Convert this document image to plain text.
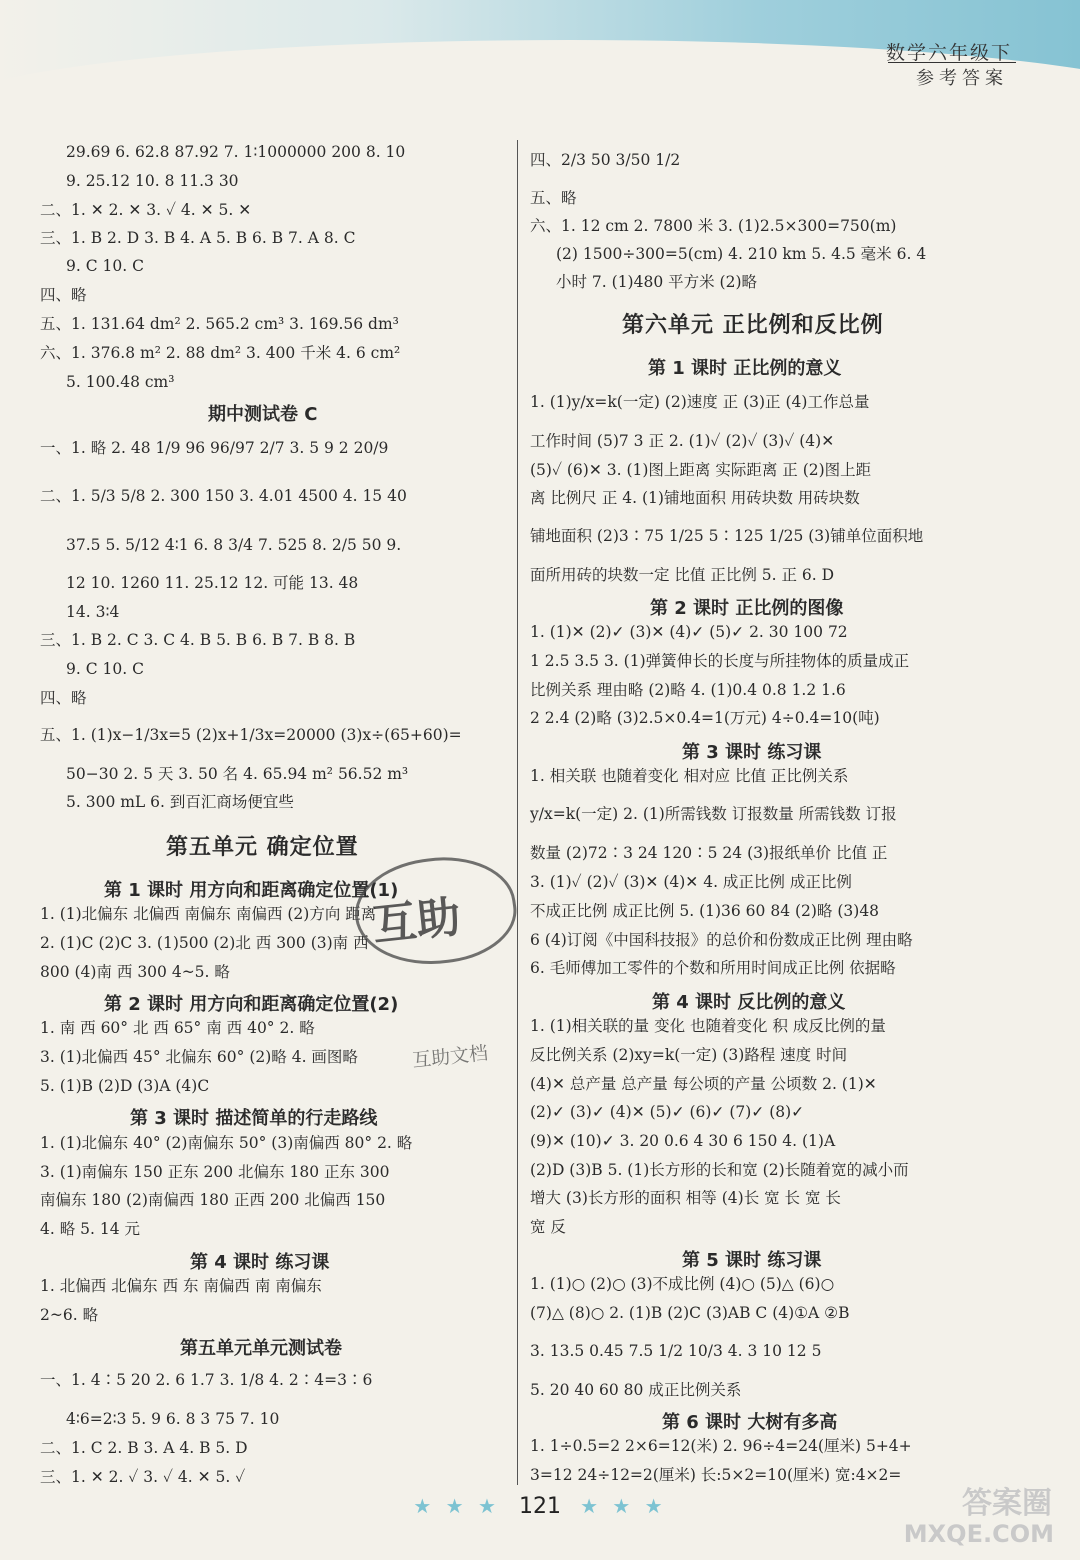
数学六年级下
参考答案
29.69 6. 62.8 87.92 7. 1∶1000000 200 8. 10
9. 25.12 10. 8 11.3 30
二、1. ✕ 2. ✕ 3. ✓ 4. ✕ 5. ✕
三、1. B 2. D 3. B 4. A 5. B 6. B 7. A 8. C
9. C 10. C
四、略
五、1. 131.64 dm² 2. 565.2 cm³ 3. 169.56 dm³
六、1. 376.8 m² 2. 88 dm² 3. 400 千米 4. 6 cm²
5. 100.48 cm³
期中测试卷 C
一、1. 略 2. 48 1/9 96 96/97 2/7 3. 5 9 2 20/9
二、1. 5/3 5/8 2. 300 150 3. 4.01 4500 4. 15 40
37.5 5. 5/12 4∶1 6. 8 3/4 7. 525 8. 2/5 50 9.
12 10. 1260 11. 25.12 12. 可能 13. 48
14. 3∶4
三、1. B 2. C 3. C 4. B 5. B 6. B 7. B 8. B
9. C 10. C
四、略
五、1. (1)x−1/3x=5 (2)x+1/3x=20000 (3)x÷(65+60)=
50−30 2. 5 天 3. 50 名 4. 65.94 m² 56.52 m³
5. 300 mL 6. 到百汇商场便宜些
第五单元 确定位置
第 1 课时 用方向和距离确定位置(1)
1. (1)北偏东 北偏西 南偏东 南偏西 (2)方向 距离
2. (1)C (2)C 3. (1)500 (2)北 西 300 (3)南 西
800 (4)南 西 300 4~5. 略
第 2 课时 用方向和距离确定位置(2)
1. 南 西 60° 北 西 65° 南 西 40° 2. 略
3. (1)北偏西 45° 北偏东 60° (2)略 4. 画图略
5. (1)B (2)D (3)A (4)C
第 3 课时 描述简单的行走路线
1. (1)北偏东 40° (2)南偏东 50° (3)南偏西 80° 2. 略
3. (1)南偏东 150 正东 200 北偏东 180 正东 300
南偏东 180 (2)南偏西 180 正西 200 北偏西 150
4. 略 5. 14 元
第 4 课时 练习课
1. 北偏西 北偏东 西 东 南偏西 南 南偏东
2~6. 略
第五单元单元测试卷
一、1. 4∶5 20 2. 6 1.7 3. 1/8 4. 2∶4=3∶6
4∶6=2∶3 5. 9 6. 8 3 75 7. 10
二、1. C 2. B 3. A 4. B 5. D
三、1. ✕ 2. ✓ 3. ✓ 4. ✕ 5. ✓
四、2/3 50 3/50 1/2
五、略
六、1. 12 cm 2. 7800 米 3. (1)2.5×300=750(m)
(2) 1500÷300=5(cm) 4. 210 km 5. 4.5 毫米 6. 4
小时 7. (1)480 平方米 (2)略
第六单元 正比例和反比例
第 1 课时 正比例的意义
1. (1)y/x=k(一定) (2)速度 正 (3)正 (4)工作总量
工作时间 (5)7 3 正 2. (1)✓ (2)✓ (3)✓ (4)✕
(5)✓ (6)✕ 3. (1)图上距离 实际距离 正 (2)图上距
离 比例尺 正 4. (1)铺地面积 用砖块数 用砖块数
铺地面积 (2)3∶75 1/25 5∶125 1/25 (3)铺单位面积地
面所用砖的块数一定 比值 正比例 5. 正 6. D
第 2 课时 正比例的图像
1. (1)✕ (2)✓ (3)✕ (4)✓ (5)✓ 2. 30 100 72
1 2.5 3.5 3. (1)弹簧伸长的长度与所挂物体的质量成正
比例关系 理由略 (2)略 4. (1)0.4 0.8 1.2 1.6
2 2.4 (2)略 (3)2.5×0.4=1(万元) 4÷0.4=10(吨)
第 3 课时 练习课
1. 相关联 也随着变化 相对应 比值 正比例关系
y/x=k(一定) 2. (1)所需钱数 订报数量 所需钱数 订报
数量 (2)72∶3 24 120∶5 24 (3)报纸单价 比值 正
3. (1)✓ (2)✓ (3)✕ (4)✕ 4. 成正比例 成正比例
不成正比例 成正比例 5. (1)36 60 84 (2)略 (3)48
6 (4)订阅《中国科技报》的总价和份数成正比例 理由略
6. 毛师傅加工零件的个数和所用时间成正比例 依据略
第 4 课时 反比例的意义
1. (1)相关联的量 变化 也随着变化 积 成反比例的量
反比例关系 (2)xy=k(一定) (3)路程 速度 时间
(4)✕ 总产量 总产量 每公顷的产量 公顷数 2. (1)✕
(2)✓ (3)✓ (4)✕ (5)✓ (6)✓ (7)✓ (8)✓
(9)✕ (10)✓ 3. 20 0.6 4 30 6 150 4. (1)A
(2)D (3)B 5. (1)长方形的长和宽 (2)长随着宽的减小而
增大 (3)长方形的面积 相等 (4)长 宽 长 宽 长
宽 反
第 5 课时 练习课
1. (1)○ (2)○ (3)不成比例 (4)○ (5)△ (6)○
(7)△ (8)○ 2. (1)B (2)C (3)AB C (4)①A ②B
3. 13.5 0.45 7.5 1/2 10/3 4. 3 10 12 5
5. 20 40 60 80 成正比例关系
第 6 课时 大树有多高
1. 1÷0.5=2 2×6=12(米) 2. 96÷4=24(厘米) 5+4+
3=12 24÷12=2(厘米) 长:5×2=10(厘米) 宽:4×2=
互助
互助文档
★ ★ ★ 121 ★ ★ ★	答案圈
MXQE.COM
